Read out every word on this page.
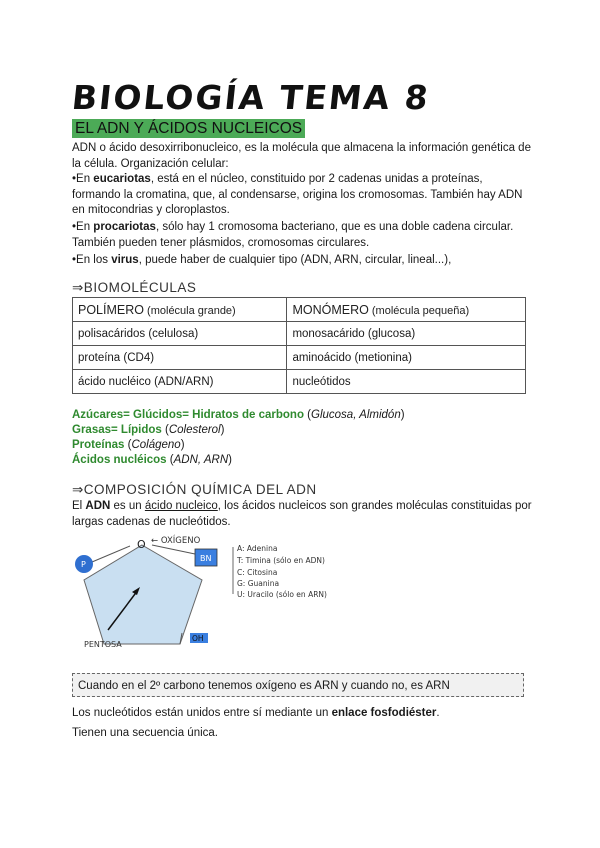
BIOLOGÍA TEMA 8
EL ADN Y ÁCIDOS NUCLEICOS
ADN o ácido desoxirribonucleico, es la molécula que almacena la información genética de la célula. Organización celular:
•En eucariotas, está en el núcleo, constituido por 2 cadenas unidas a proteínas, formando la cromatina, que, al condensarse, origina los cromosomas. También hay ADN en mitocondrias y cloroplastos.
•En procariotas, sólo hay 1 cromosoma bacteriano, que es una doble cadena circular. También pueden tener plásmidos, cromosomas circulares.
•En los virus, puede haber de cualquier tipo (ADN, ARN, circular, lineal...),
⇒BIOMOLÉCULAS
POLÍMERO (molécula grande)	MONÓMERO (molécula pequeña)
polisacáridos (celulosa)	monosacárido (glucosa)
proteína (CD4)	aminoácido (metionina)
ácido nucléico (ADN/ARN)	nucleótidos
Azúcares= Glúcidos= Hidratos de carbono (Glucosa, Almidón)
Grasas= Lípidos (Colesterol)
Proteínas (Colágeno)
Ácidos nucléicos (ADN, ARN)
⇒COMPOSICIÓN QUÍMICA DEL ADN
El ADN es un ácido nucleico, los ácidos nucleicos son grandes moléculas constituidas por largas cadenas de nucleótidos.
P
O ← OXÍGENO
BN
OH
PENTOSA
A: Adenina
T: Timina (sólo en ADN)
C: Citosina
G: Guanina
U: Uracilo (sólo en ARN)
Cuando en el 2º carbono tenemos oxígeno es ARN y cuando no, es ARN
Los nucleótidos están unidos entre sí mediante un enlace fosfodiéster.
Tienen una secuencia única.
